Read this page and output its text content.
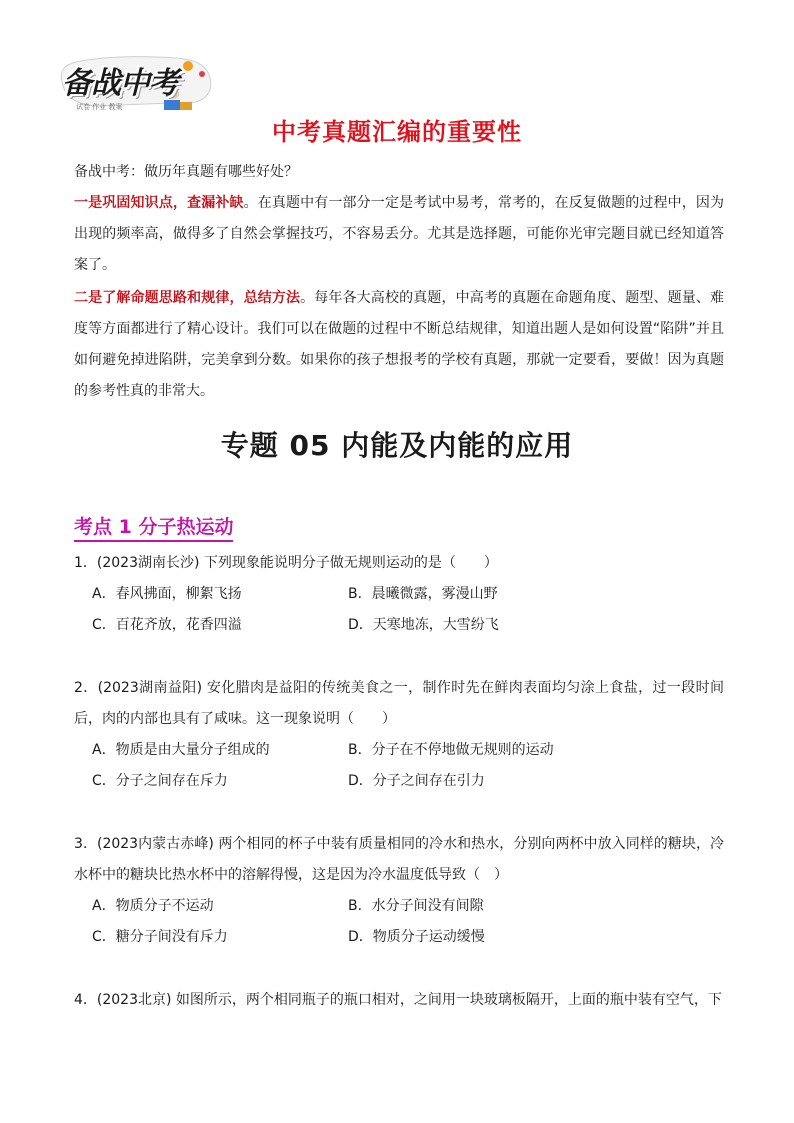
备战中考
试卷 作业 教案
中考真题汇编的重要性
备战中考：做历年真题有哪些好处？
一是巩固知识点，查漏补缺。在真题中有一部分一定是考试中易考，常考的，在反复做题的过程中，因为出现的频率高，做得多了自然会掌握技巧，不容易丢分。尤其是选择题，可能你光审完题目就已经知道答案了。
二是了解命题思路和规律，总结方法。每年各大高校的真题，中高考的真题在命题角度、题型、题量、难度等方面都进行了精心设计。我们可以在做题的过程中不断总结规律，知道出题人是如何设置“陷阱”并且如何避免掉进陷阱，完美拿到分数。如果你的孩子想报考的学校有真题，那就一定要看，要做！因为真题的参考性真的非常大。
专题 05 内能及内能的应用
考点 1 分子热运动
1．(2023湖南长沙) 下列现象能说明分子做无规则运动的是（　　）
A．春风拂面，柳絮飞扬	B．晨曦微露，雾漫山野
C．百花齐放，花香四溢	D．天寒地冻，大雪纷飞
2．(2023湖南益阳) 安化腊肉是益阳的传统美食之一，制作时先在鲜肉表面均匀涂上食盐，过一段时间后，肉的内部也具有了咸味。这一现象说明（　　）
A．物质是由大量分子组成的	B．分子在不停地做无规则的运动
C．分子之间存在斥力	D．分子之间存在引力
3．(2023内蒙古赤峰) 两个相同的杯子中装有质量相同的冷水和热水，分别向两杯中放入同样的糖块，冷水杯中的糖块比热水杯中的溶解得慢，这是因为冷水温度低导致（　）
A．物质分子不运动	B．水分子间没有间隙
C．糖分子间没有斥力	D．物质分子运动缓慢
4．(2023北京) 如图所示，两个相同瓶子的瓶口相对，之间用一块玻璃板隔开，上面的瓶中装有空气，下
